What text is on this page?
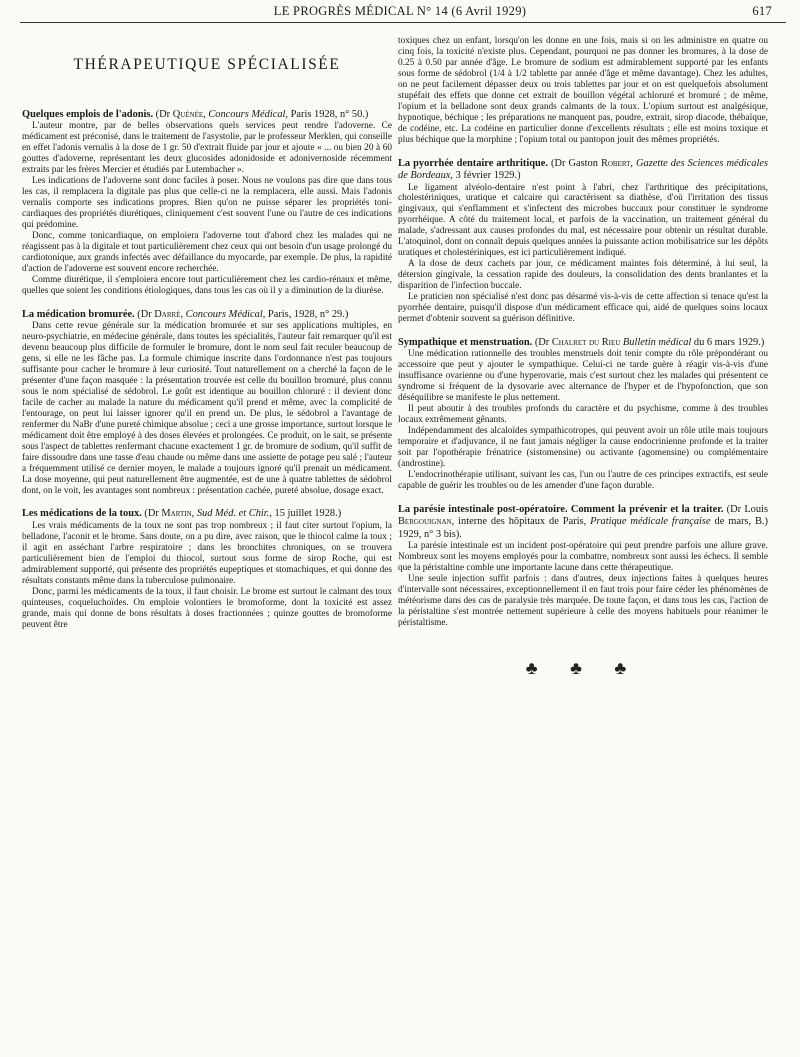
LE PROGRÈS MÉDICAL N° 14 (6 Avril 1929)	617
THÉRAPEUTIQUE SPÉCIALISÉE

Quelques emplois de l'adonis. (Dr Quénée, Concours Médical, Paris 1928, n° 50.)

L'auteur montre, par de belles observations quels services peut rendre l'adoverne. Ce médicament est préconisé, dans le traitement de l'asystolie, par le professeur Merklen, qui conseille en effet l'adonis vernalis à la dose de 1 gr. 50 d'extrait fluide par jour et ajoute « ... ou bien 20 à 60 gouttes d'adoverne, représentant les deux glucosides adonidoside et adonivernoside récemment extraits par les frères Mercier et étudiés par Lutembacher ».

Les indications de l'adoverne sont donc faciles à poser. Nous ne voulons pas dire que dans tous les cas, il remplacera la digitale pas plus que celle-ci ne la remplacera, elle aussi. Mais l'adonis vernalis comporte ses indications propres. Bien qu'on ne puisse séparer les propriétés toni-cardiaques des propriétés diurétiques, cliniquement c'est souvent l'une ou l'autre de ces indications qui prédomine.

Donc, comme tonicardiaque, on emploiera l'adoverne tout d'abord chez les malades qui ne réagissent pas à la digitale et tout particulièrement chez ceux qui ont besoin d'un usage prolongé du cardiotonique, aux grands infectés avec défaillance du myocarde, par exemple. De plus, la rapidité d'action de l'adoverne est souvent encore recherchée.

Comme diurétique, il s'emploiera encore tout particulièrement chez les cardio-rénaux et même, quelles que soient les conditions étiologiques, dans tous les cas où il y a diminution de la diurèse.

La médication bromurée. (Dr Darré, Concours Médical, Paris, 1928, n° 29.)

Dans cette revue générale sur la médication bromurée et sur ses applications multiples, en neuro-psychiatrie, en médecine générale, dans toutes les spécialités, l'auteur fait remarquer qu'il est devenu beaucoup plus difficile de formuler le bromure, dont le nom seul fait reculer beaucoup de gens, si elle ne les fâche pas. La formule chimique inscrite dans l'ordonnance n'est pas toujours suffisante pour cacher le bromure à leur curiosité. Tout naturellement on a cherché la façon de le présenter d'une façon masquée : la présentation trouvée est celle du bouillon bromuré, plus connu sous le nom spécialisé de sédobrol. Le goût est identique au bouillon chloruré : il devient donc facile de cacher au malade la nature du médicament qu'il prend et même, avec la complicité de l'entourage, on peut lui laisser ignorer qu'il en prend un. De plus, le sédobrol a l'avantage de renfermer du NaBr d'une pureté chimique absolue ; ceci a une grosse importance, surtout lorsque le médicament doit être employé à des doses élevées et prolongées. Ce produit, on le sait, se présente sous l'aspect de tablettes renfermant chacune exactement 1 gr. de bromure de sodium, qu'il suffit de faire dissoudre dans une tasse d'eau chaude ou même dans une assiette de potage peu salé ; l'auteur a fréquemment utilisé ce dernier moyen, le malade a toujours ignoré qu'il prenait un médicament. La dose moyenne, qui peut naturellement être augmentée, est de une à quatre tablettes de sédobrol dont, on le voit, les avantages sont nombreux : présentation cachée, pureté absolue, dosage exact.

Les médications de la toux. (Dr Martin, Sud Méd. et Chir., 15 juillet 1928.)

Les vrais médicaments de la toux ne sont pas trop nombreux ; il faut citer surtout l'opium, la belladone, l'aconit et le brome. Sans doute, on a pu dire, avec raison, que le thiocol calme la toux ; il agit en asséchant l'arbre respiratoire ; dans les bronchites chroniques, on se trouvera particulièrement bien de l'emploi du thiocol, surtout sous forme de sirop Roche, qui est admirablement supporté, qui présente des propriétés eupeptiques et stomachiques, et qui donne des résultats constants même dans la tuberculose pulmonaire.

Donc, parmi les médicaments de la toux, il faut choisir. Le brome est surtout le calmant des toux quinteuses, coqueluchoïdes. On emploie volontiers le bromoforme, dont la toxicité est assez grande, mais qui donne de bons résultats à doses fractionnées ; quinze gouttes de bromoforme peuvent être

toxiques chez un enfant, lorsqu'on les donne en une fois, mais si on les administre en quatre ou cinq fois, la toxicité n'existe plus. Cependant, pourquoi ne pas donner les bromures, à la dose de 0.25 à 0.50 par année d'âge. Le bromure de sodium est admirablement supporté par les enfants sous forme de sédobrol (1/4 à 1/2 tablette par année d'âge et même davantage). Chez les adultes, on ne peut facilement dépasser deux ou trois tablettes par jour et on est quelquefois absolument stupéfait des effets que donne cet extrait de bouillon végétal achloruré et bromuré ; de même, l'opium et la belladone sont deux grands calmants de la toux. L'opium surtout est analgésique, hypnotique, béchique ; les préparations ne manquent pas, poudre, extrait, sirop diacode, thébaïque, de codéine, etc. La codéine en particulier donne d'excellents résultats ; elle est moins toxique et plus béchique que la morphine ; l'opium total ou pantopon jouit des mêmes propriétés.

La pyorrhée dentaire arthritique. (Dr Gaston Robert, Gazette des Sciences médicales de Bordeaux, 3 février 1929.)

Le ligament alvéolo-dentaire n'est point à l'abri, chez l'arthritique des précipitations, cholestériniques, uratique et calcaire qui caractérisent sa diathèse, d'où l'irritation des tissus gingivaux, qui s'enflamment et s'infectent des microbes buccaux pour constituer le syndrome pyorrhéique. A côté du traitement local, et parfois de la vaccination, un traitement général du malade, s'adressant aux causes profondes du mal, est nécessaire pour obtenir un résultat durable. L'atoquinol, dont on connaît depuis quelques années la puissante action mobilisatrice sur les dépôts uratiques et cholestériniques, est ici particulièrement indiqué.

A la dose de deux cachets par jour, ce médicament maintes fois déterminé, à lui seul, la détersion gingivale, la cessation rapide des douleurs, la consolidation des dents branlantes et la disparition de l'infection buccale.

Le praticien non spécialisé n'est donc pas désarmé vis-à-vis de cette affection si tenace qu'est la pyorrhée dentaire, puisqu'il dispose d'un médicament efficace qui, aidé de quelques soins locaux permet d'obtenir souvent sa guérison définitive.

Sympathique et menstruation. (Dr Chalret du Rieu Bulletin médical du 6 mars 1929.)

Une médication rationnelle des troubles menstruels doit tenir compte du rôle prépondérant ou accessoire que peut y ajouter le sympathique. Celui-ci ne tarde guère à réagir vis-à-vis d'une insuffisance ovarienne ou d'une hyperovarie, mais c'est surtout chez les malades qui présentent ce syndrome si fréquent de la dysovarie avec alternance de l'hyper et de l'hypofonction, que son déséquilibre se manifeste le plus nettement.

Il peut aboutir à des troubles profonds du caractère et du psychisme, comme à des troubles locaux extrêmement gênants.

Indépendamment des alcaloïdes sympathicotropes, qui peuvent avoir un rôle utile mais toujours temporaire et d'adjuvance, il ne faut jamais négliger la cause endocrinienne profonde et la traiter soit par l'opothérapie frénatrice (sistomensine) ou activante (agomensine) ou complémentaire (androstine).

L'endocrinothérapie utilisant, suivant les cas, l'un ou l'autre de ces principes extractifs, est seule capable de guérir les troubles ou de les amender d'une façon durable.

La parésie intestinale post-opératoire. Comment la prévenir et la traiter. (Dr Louis Bergouignan, interne des hôpitaux de Paris, Pratique médicale française de mars, B.) 1929, n° 3 bis).

La parésie intestinale est un incident post-opératoire qui peut prendre parfois une allure grave. Nombreux sont les moyens employés pour la combattre, nombreux sont aussi les échecs. Il semble que la péristaltine comble une importante lacune dans cette thérapeutique.

Une seule injection suffit parfois : dans d'autres, deux injections faites à quelques heures d'intervalle sont nécessaires, exceptionnellement il en faut trois pour faire céder les phénomènes de météorisme dans des cas de paralysie très marquée. De toute façon, et dans tous les cas, l'action de la péristaltine s'est montrée nettement supérieure à celle des moyens habituels pour réanimer le péristaltisme.

♣ ♣ ♣
